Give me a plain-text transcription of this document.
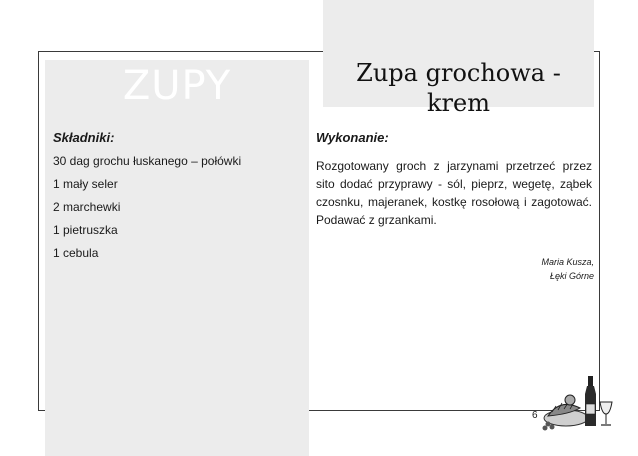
ZUPY	Zupa grochowa - krem
Składniki:
30 dag grochu łuskanego – połówki
1 mały seler
2 marchewki
1 pietruszka
1 cebula
Wykonanie:

Rozgotowany groch z jarzynami przetrzeć przez sito dodać przyprawy - sól, pieprz, wegetę, ząbek czosnku, majeranek, kostkę rosołową i zagotować. Podawać z grzankami.

Maria Kusza,
Łęki Górne
6
